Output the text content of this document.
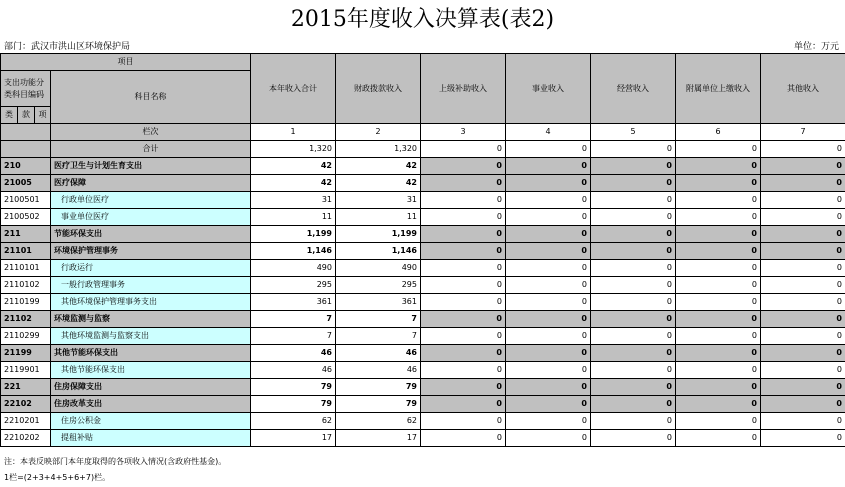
2015年度收入决算表(表2)
部门：武汉市洪山区环境保护局	单位：万元
项目				本年收入合计	财政拨款收入	上级补助收入	事业收入	经营收入	附属单位上缴收入	其他收入
支出功能分类科目编码			科目名称							
类	款	项								
			栏次	1	2	3	4	5	6	7
			合计	1,320	1,320	0	0	0	0	0
210			医疗卫生与计划生育支出	42	42	0	0	0	0	0
21005			医疗保障	42	42	0	0	0	0	0
2100501			行政单位医疗	31	31	0	0	0	0	0
2100502			事业单位医疗	11	11	0	0	0	0	0
211			节能环保支出	1,199	1,199	0	0	0	0	0
21101			环境保护管理事务	1,146	1,146	0	0	0	0	0
2110101			行政运行	490	490	0	0	0	0	0
2110102			一般行政管理事务	295	295	0	0	0	0	0
2110199			其他环境保护管理事务支出	361	361	0	0	0	0	0
21102			环境监测与监察	7	7	0	0	0	0	0
2110299			其他环境监测与监察支出	7	7	0	0	0	0	0
21199			其他节能环保支出	46	46	0	0	0	0	0
2119901			其他节能环保支出	46	46	0	0	0	0	0
221			住房保障支出	79	79	0	0	0	0	0
22102			住房改革支出	79	79	0	0	0	0	0
2210201			住房公积金	62	62	0	0	0	0	0
2210202			提租补贴	17	17	0	0	0	0	0
注：本表反映部门本年度取得的各项收入情况(含政府性基金)。
1栏=(2+3+4+5+6+7)栏。
